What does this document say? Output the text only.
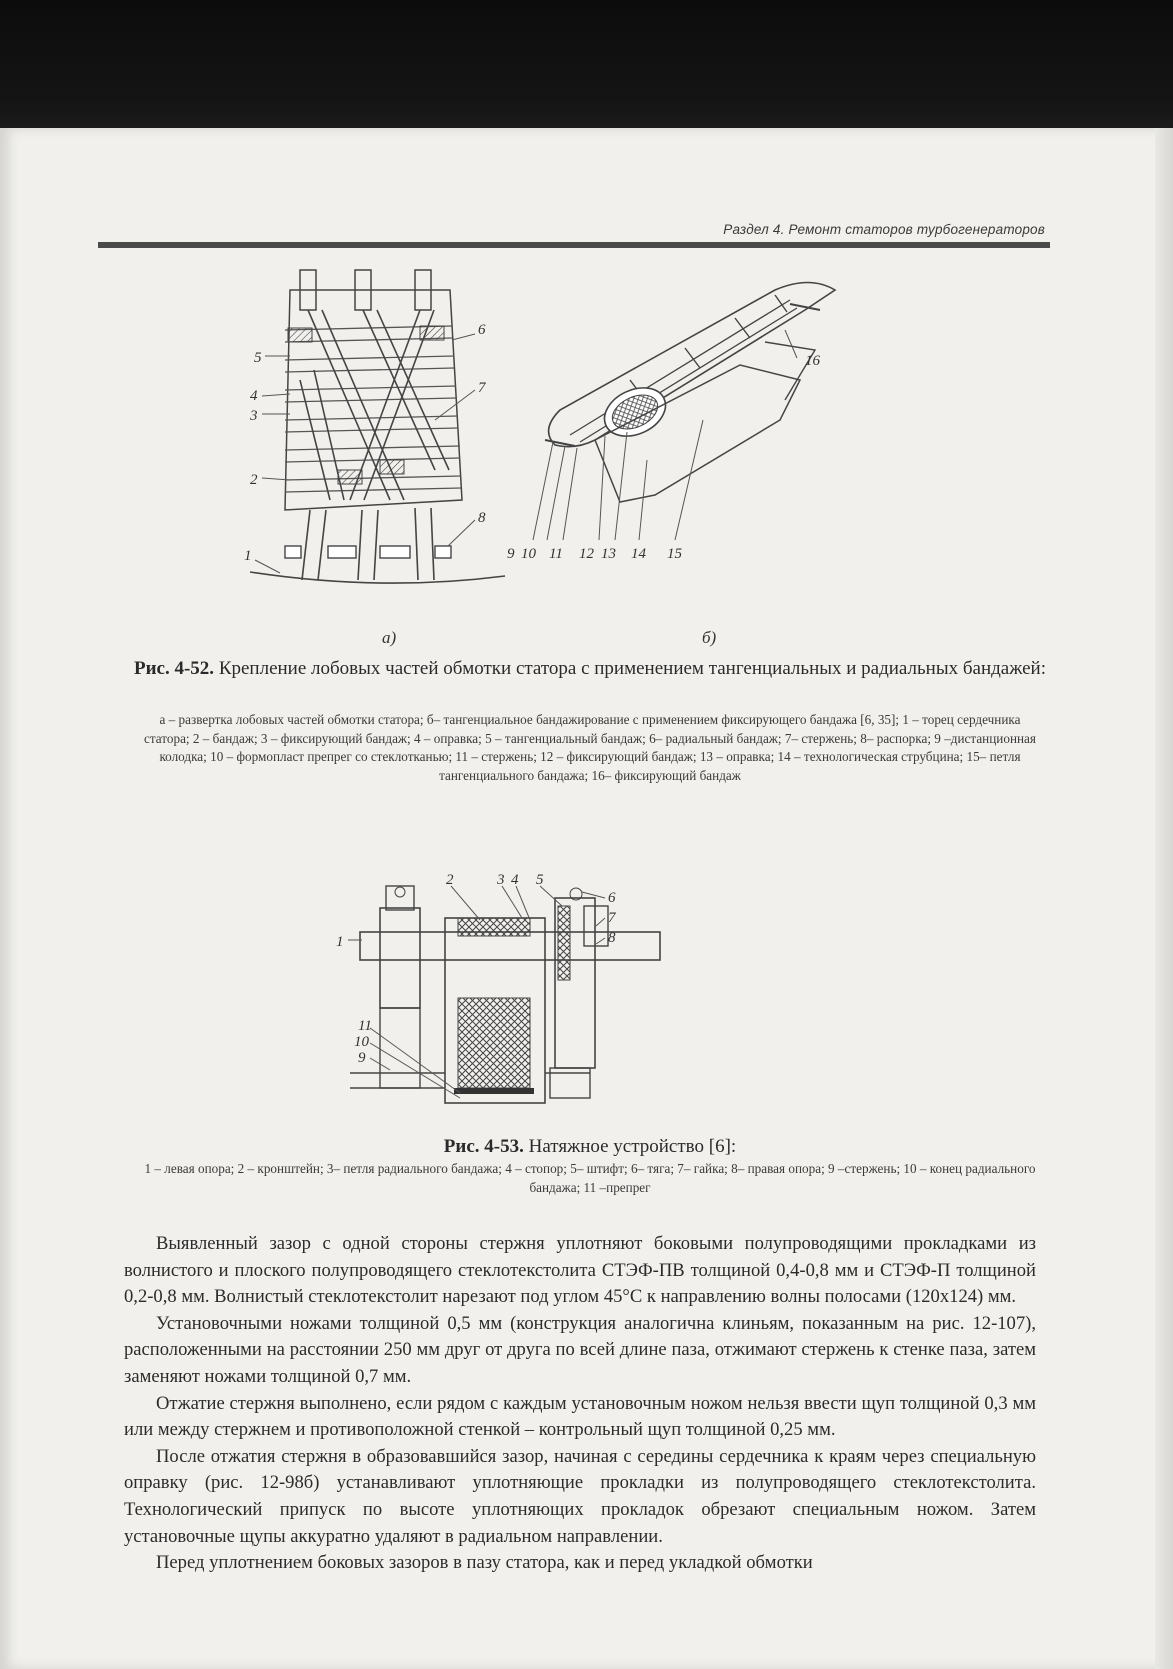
Раздел 4. Ремонт статоров турбогенераторов
5
4
3
2
6
7
8
1
а)
9 10 11 12 13 14 15
16
б)
Рис. 4-52. Крепление лобовых частей обмотки статора с применением тангенциальных и радиальных бандажей:
а – развертка лобовых частей обмотки статора; б– тангенциальное бандажирование с применением фиксирующего бандажа [6, 35]; 1 – торец сердечника статора; 2 – бандаж; 3 – фиксирующий бандаж; 4 – оправка; 5 – тангенциальный бандаж; 6– радиальный бандаж; 7– стержень; 8– распорка; 9 –дистанционная колодка; 10 – формопласт препрег со стеклотканью; 11 – стержень; 12 – фиксирующий бандаж; 13 – оправка; 14 – технологическая струбцина; 15– петля тангенциального бандажа; 16– фиксирующий бандаж
1
2	3 4 5
6
7
8
11
10
9
Рис. 4-53. Натяжное устройство [6]:
1 – левая опора; 2 – кронштейн; 3– петля радиального бандажа; 4 – стопор; 5– штифт; 6– тяга; 7– гайка; 8– правая опора; 9 –стержень; 10 – конец радиального бандажа; 11 –препрег

Выявленный зазор с одной стороны стержня уплотняют боковыми полупроводящими прокладками из волнистого и плоского полупроводящего стеклотекстолита СТЭФ-ПВ толщиной 0,4-0,8 мм и СТЭФ-П толщиной 0,2-0,8 мм. Волнистый стеклотекстолит нарезают под углом 45°С к направлению волны полосами (120х124) мм.

Установочными ножами толщиной 0,5 мм (конструкция аналогична клиньям, показанным на рис. 12-107), расположенными на расстоянии 250 мм друг от друга по всей длине паза, отжимают стержень к стенке паза, затем заменяют ножами толщиной 0,7 мм.

Отжатие стержня выполнено, если рядом с каждым установочным ножом нельзя ввести щуп толщиной 0,3 мм или между стержнем и противоположной стенкой – контрольный щуп толщиной 0,25 мм.

После отжатия стержня в образовавшийся зазор, начиная с середины сердечника к краям через специальную оправку (рис. 12-98б) устанавливают уплотняющие прокладки из полупроводящего стеклотекстолита. Технологический припуск по высоте уплотняющих прокладок обрезают специальным ножом. Затем установочные щупы аккуратно удаляют в радиальном направлении.

Перед уплотнением боковых зазоров в пазу статора, как и перед укладкой обмотки
